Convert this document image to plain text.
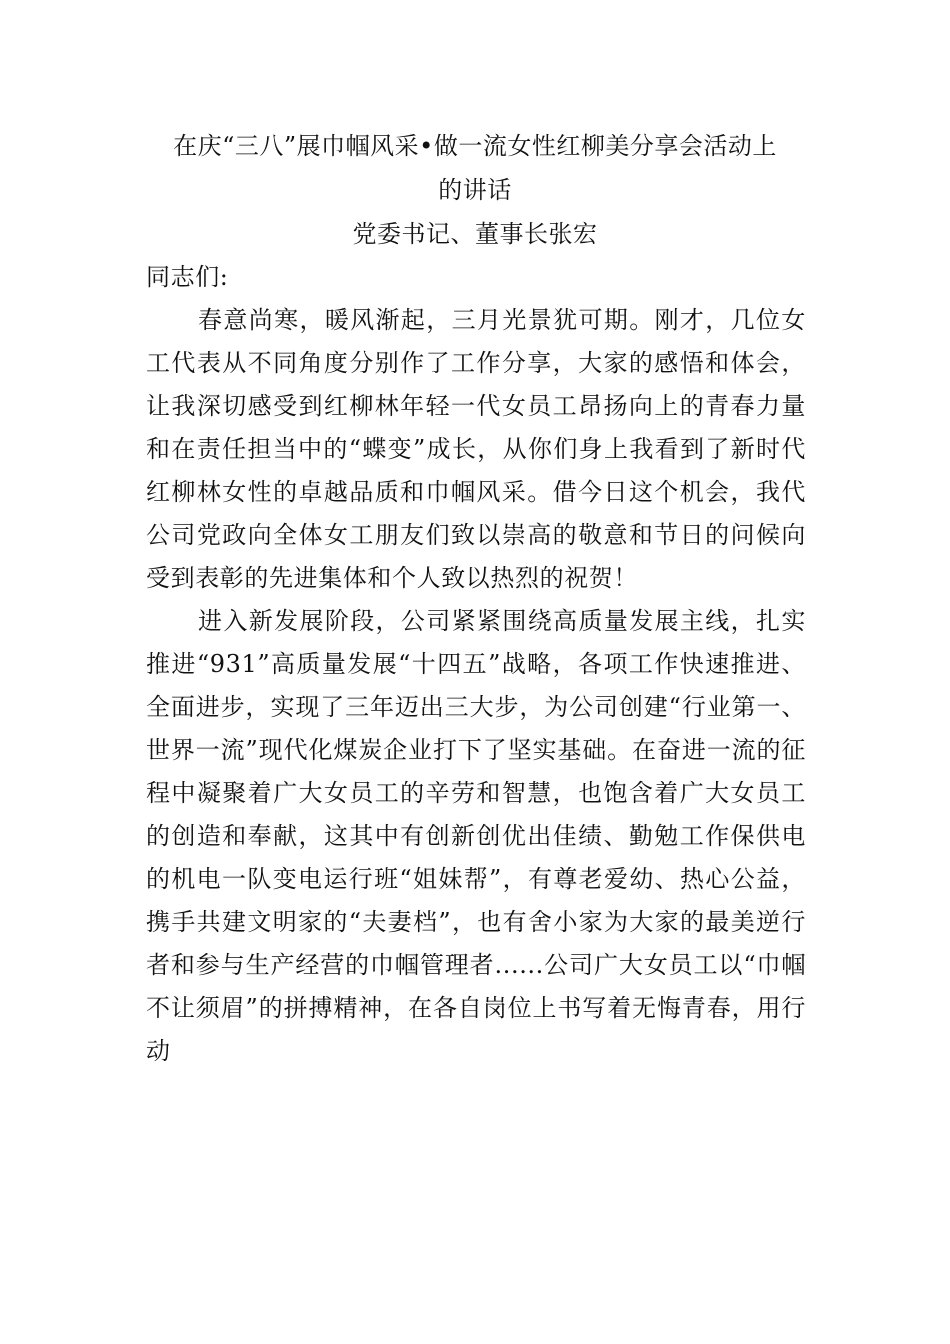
在庆“三八”展巾帼风采•做一流女性红柳美分享会活动上
的讲话
党委书记、董事长张宏

同志们:

春意尚寒，暖风渐起，三月光景犹可期。刚才，几位女工代表从不同角度分别作了工作分享，大家的感悟和体会，让我深切感受到红柳林年轻一代女员工昂扬向上的青春力量和在责任担当中的“蝶变”成长，从你们身上我看到了新时代红柳林女性的卓越品质和巾帼风采。借今日这个机会，我代公司党政向全体女工朋友们致以崇高的敬意和节日的问候向受到表彰的先进集体和个人致以热烈的祝贺！

进入新发展阶段，公司紧紧围绕高质量发展主线，扎实推进“931”高质量发展“十四五”战略，各项工作快速推进、全面进步，实现了三年迈出三大步，为公司创建“行业第一、世界一流”现代化煤炭企业打下了坚实基础。在奋进一流的征程中凝聚着广大女员工的辛劳和智慧，也饱含着广大女员工的创造和奉献，这其中有创新创优出佳绩、勤勉工作保供电的机电一队变电运行班“姐妹帮”，有尊老爱幼、热心公益，携手共建文明家的“夫妻档”，也有舍小家为大家的最美逆行者和参与生产经营的巾帼管理者......公司广大女员工以“巾帼不让须眉”的拼搏精神，在各自岗位上书写着无悔青春，用行动
